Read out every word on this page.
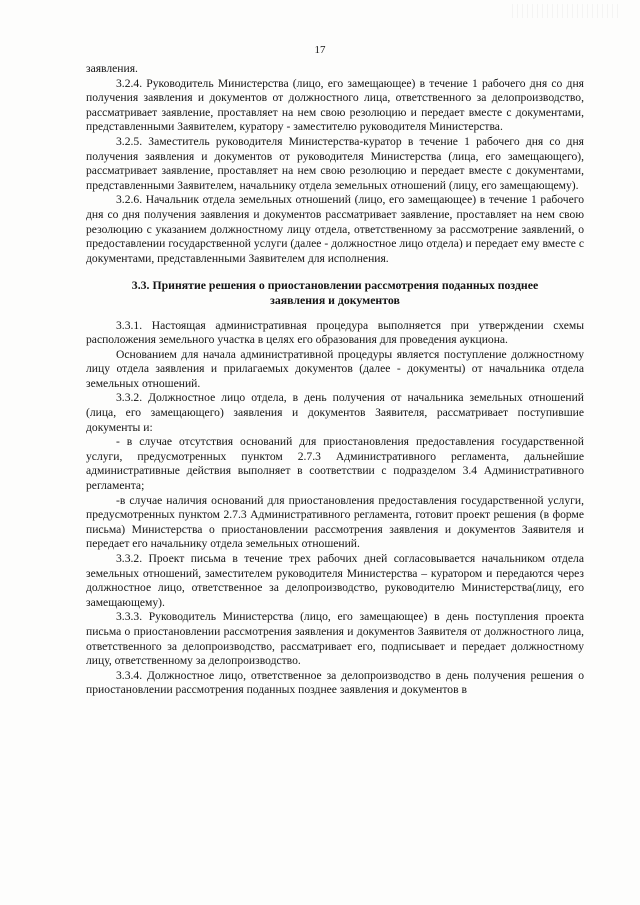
17

заявления.

3.2.4. Руководитель Министерства (лицо, его замещающее) в течение 1 рабочего дня со дня получения заявления и документов от должностного лица, ответственного за делопроизводство, рассматривает заявление, проставляет на нем свою резолюцию и передает вместе с документами, представленными Заявителем, куратору - заместителю руководителя Министерства.

3.2.5. Заместитель руководителя Министерства-куратор в течение 1 рабочего дня со дня получения заявления и документов от руководителя Министерства (лица, его замещающего), рассматривает заявление, проставляет на нем свою резолюцию и передает вместе с документами, представленными Заявителем, начальнику отдела земельных отношений (лицу, его замещающему).

3.2.6. Начальник отдела земельных отношений (лицо, его замещающее) в течение 1 рабочего дня со дня получения заявления и документов рассматривает заявление, проставляет на нем свою резолюцию с указанием должностному лицу отдела, ответственному за рассмотрение заявлений, о предоставлении государственной услуги (далее - должностное лицо отдела) и передает ему вместе с документами, представленными Заявителем для исполнения.

3.3. Принятие решения о приостановлении рассмотрения поданных позднее заявления и документов

3.3.1. Настоящая административная процедура выполняется при утверждении схемы расположения земельного участка в целях его образования для проведения аукциона.

Основанием для начала административной процедуры является поступление должностному лицу отдела заявления и прилагаемых документов (далее - документы) от начальника отдела земельных отношений.

3.3.2. Должностное лицо отдела, в день получения от начальника земельных отношений (лица, его замещающего) заявления и документов Заявителя, рассматривает поступившие документы и:

- в случае отсутствия оснований для приостановления предоставления государственной услуги, предусмотренных пунктом 2.7.3 Административного регламента, дальнейшие административные действия выполняет в соответствии с подразделом 3.4 Административного регламента;

-в случае наличия оснований для приостановления предоставления государственной услуги, предусмотренных пунктом 2.7.3 Административного регламента, готовит проект решения (в форме письма) Министерства о приостановлении рассмотрения заявления и документов Заявителя и передает его начальнику отдела земельных отношений.

3.3.2. Проект письма в течение трех рабочих дней согласовывается начальником отдела земельных отношений, заместителем руководителя Министерства – куратором и передаются через должностное лицо, ответственное за делопроизводство, руководителю Министерства(лицу, его замещающему).

3.3.3. Руководитель Министерства (лицо, его замещающее) в день поступления проекта письма о приостановлении рассмотрения заявления и документов Заявителя от должностного лица, ответственного за делопроизводство, рассматривает его, подписывает и передает должностному лицу, ответственному за делопроизводство.

3.3.4. Должностное лицо, ответственное за делопроизводство в день получения решения о приостановлении рассмотрения поданных позднее заявления и документов в
